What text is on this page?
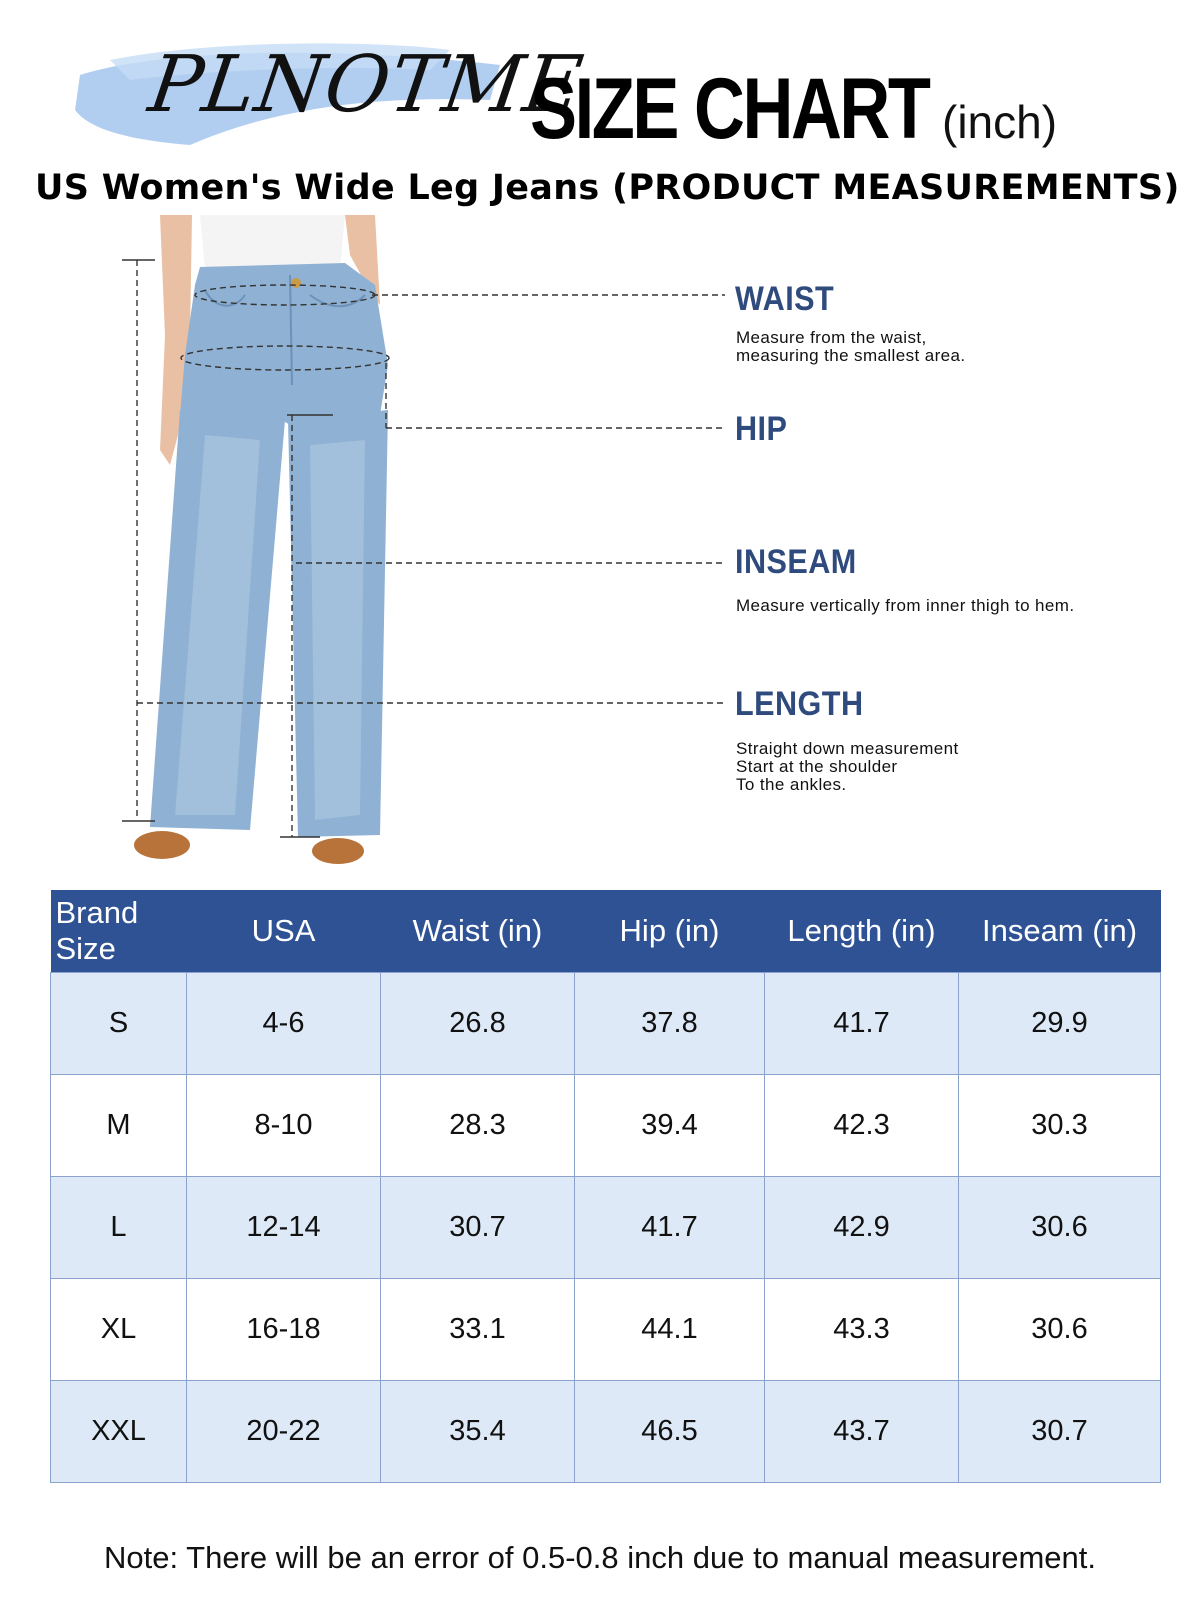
PLNOTME
SIZE CHART (inch)
US Women's Wide Leg Jeans (PRODUCT MEASUREMENTS)
WAIST
Measure from the waist,
measuring the smallest area.
HIP
INSEAM
Measure vertically from inner thigh to hem.
LENGTH
Straight down measurement
Start at the shoulder
To the ankles.
Brand Size	USA	Waist (in)	Hip (in)	Length (in)	Inseam (in)
S	4-6	26.8	37.8	41.7	29.9
M	8-10	28.3	39.4	42.3	30.3
L	12-14	30.7	41.7	42.9	30.6
XL	16-18	33.1	44.1	43.3	30.6
XXL	20-22	35.4	46.5	43.7	30.7
Note: There will be an error of 0.5-0.8 inch due to manual measurement.
